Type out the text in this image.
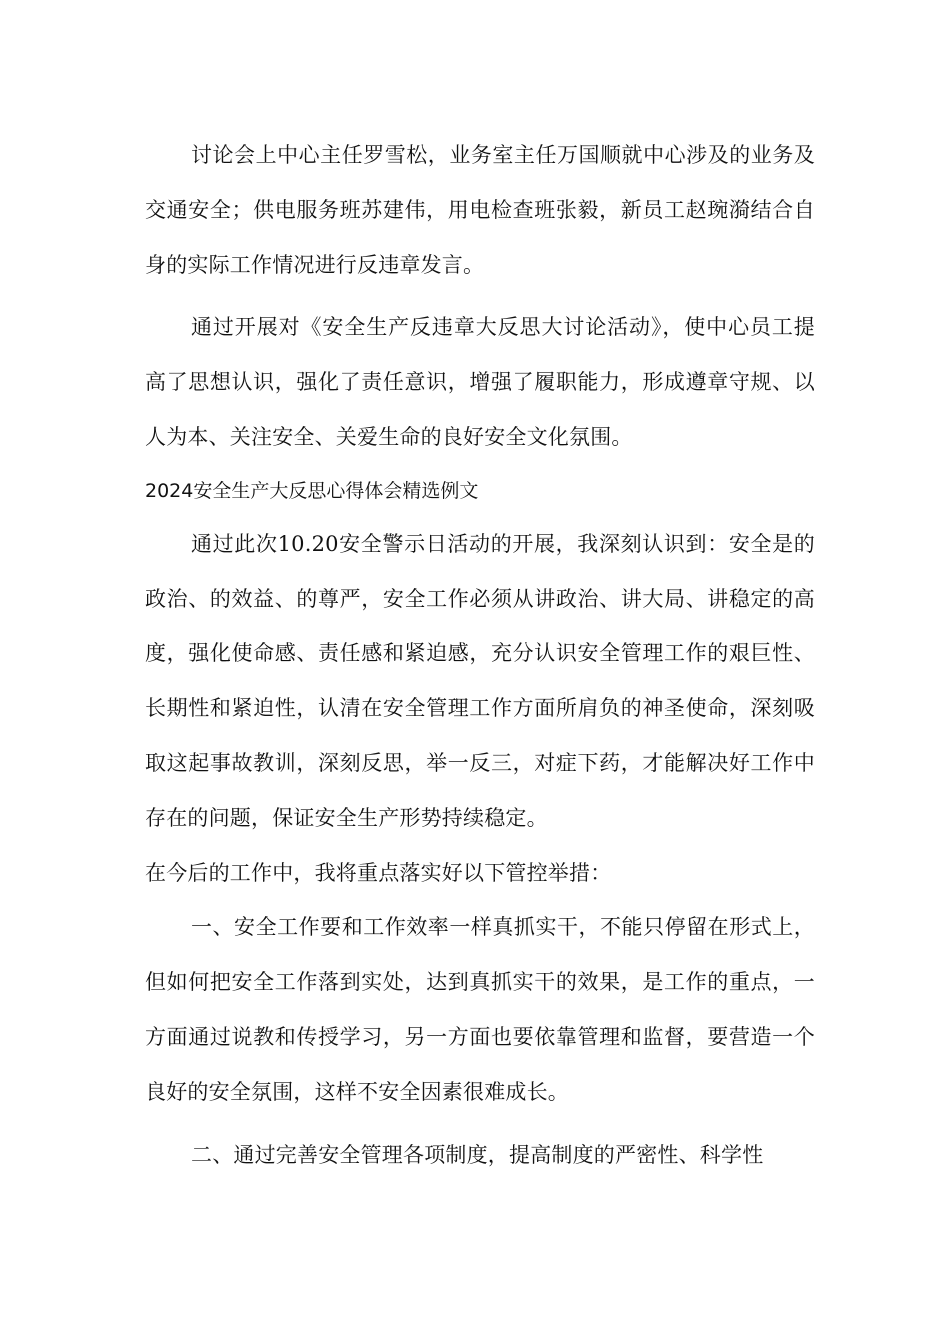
讨论会上中心主任罗雪松，业务室主任万国顺就中心涉及的业务及交通安全；供电服务班苏建伟，用电检查班张毅，新员工赵琬漪结合自身的实际工作情况进行反违章发言。

通过开展对《安全生产反违章大反思大讨论活动》，使中心员工提高了思想认识，强化了责任意识，增强了履职能力，形成遵章守规、以人为本、关注安全、关爱生命的良好安全文化氛围。

2024安全生产大反思心得体会精选例文

通过此次10.20安全警示日活动的开展，我深刻认识到：安全是的政治、的效益、的尊严，安全工作必须从讲政治、讲大局、讲稳定的高度，强化使命感、责任感和紧迫感，充分认识安全管理工作的艰巨性、长期性和紧迫性，认清在安全管理工作方面所肩负的神圣使命，深刻吸取这起事故教训，深刻反思，举一反三，对症下药，才能解决好工作中存在的问题，保证安全生产形势持续稳定。

在今后的工作中，我将重点落实好以下管控举措：

一、安全工作要和工作效率一样真抓实干，不能只停留在形式上，但如何把安全工作落到实处，达到真抓实干的效果，是工作的重点，一方面通过说教和传授学习，另一方面也要依靠管理和监督，要营造一个良好的安全氛围，这样不安全因素很难成长。

二、通过完善安全管理各项制度，提高制度的严密性、科学性
